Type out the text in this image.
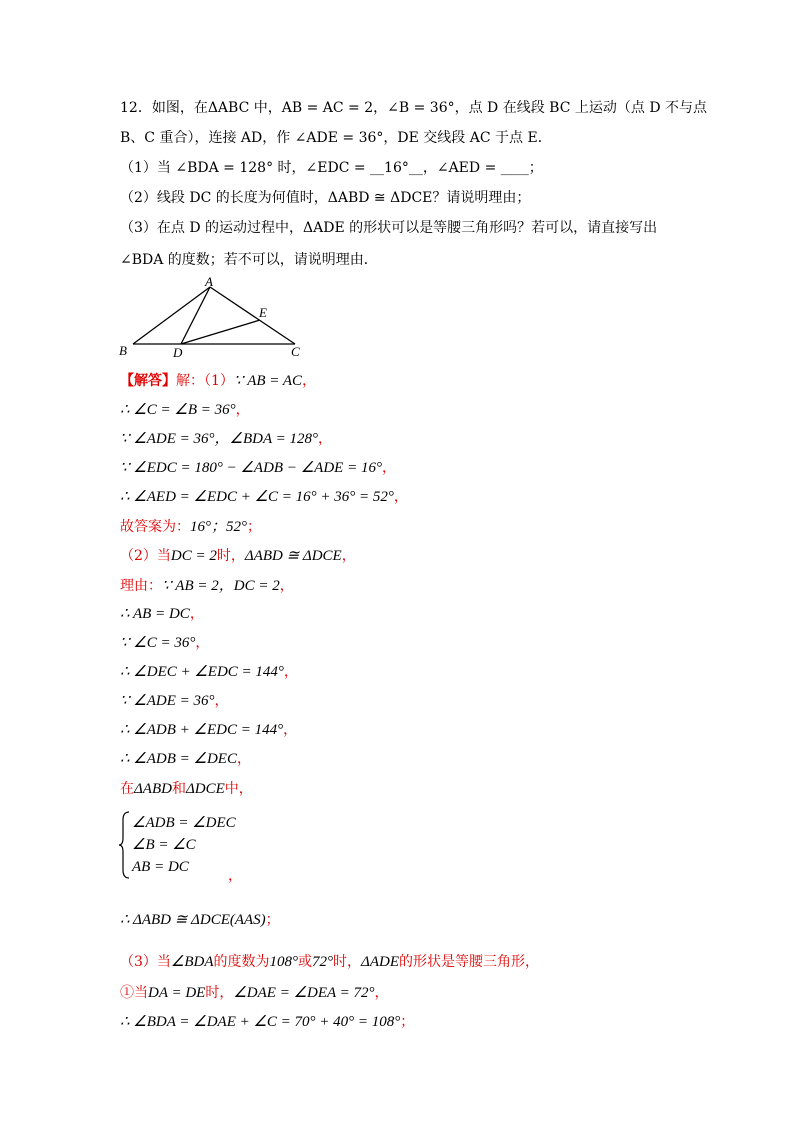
12．如图，在ΔABC 中，AB = AC = 2，∠B = 36°，点 D 在线段 BC 上运动（点 D 不与点
B、C 重合），连接 AD，作 ∠ADE = 36°，DE 交线段 AC 于点 E．
（1）当 ∠BDA = 128° 时，∠EDC = __16°__，∠AED = ____；
（2）线段 DC 的长度为何值时，ΔABD ≅ ΔDCE？请说明理由；
（3）在点 D 的运动过程中，ΔADE 的形状可以是等腰三角形吗？若可以，请直接写出
∠BDA 的度数；若不可以，请说明理由．
A
B	C
D
E
【解答】解：（1）∵ AB = AC，
∴ ∠C = ∠B = 36°，
∵ ∠ADE = 36°，∠BDA = 128°，
∵ ∠EDC = 180° − ∠ADB − ∠ADE = 16°，
∴ ∠AED = ∠EDC + ∠C = 16° + 36° = 52°，
故答案为：16°；52°；
（2）当DC = 2时，ΔABD ≅ ΔDCE，
理由：∵ AB = 2，DC = 2，
∴ AB = DC，
∵ ∠C = 36°，
∴ ∠DEC + ∠EDC = 144°，
∵ ∠ADE = 36°，
∴ ∠ADB + ∠EDC = 144°，
∴ ∠ADB = ∠DEC，
在ΔABD和ΔDCE中，
∠ADB = ∠DEC
∠B = ∠C
AB = DC
，
∴ ΔABD ≅ ΔDCE(AAS)；
（3）当∠BDA的度数为108°或72°时，ΔADE的形状是等腰三角形，
①当DA = DE时，∠DAE = ∠DEA = 72°，
∴ ∠BDA = ∠DAE + ∠C = 70° + 40° = 108°；
